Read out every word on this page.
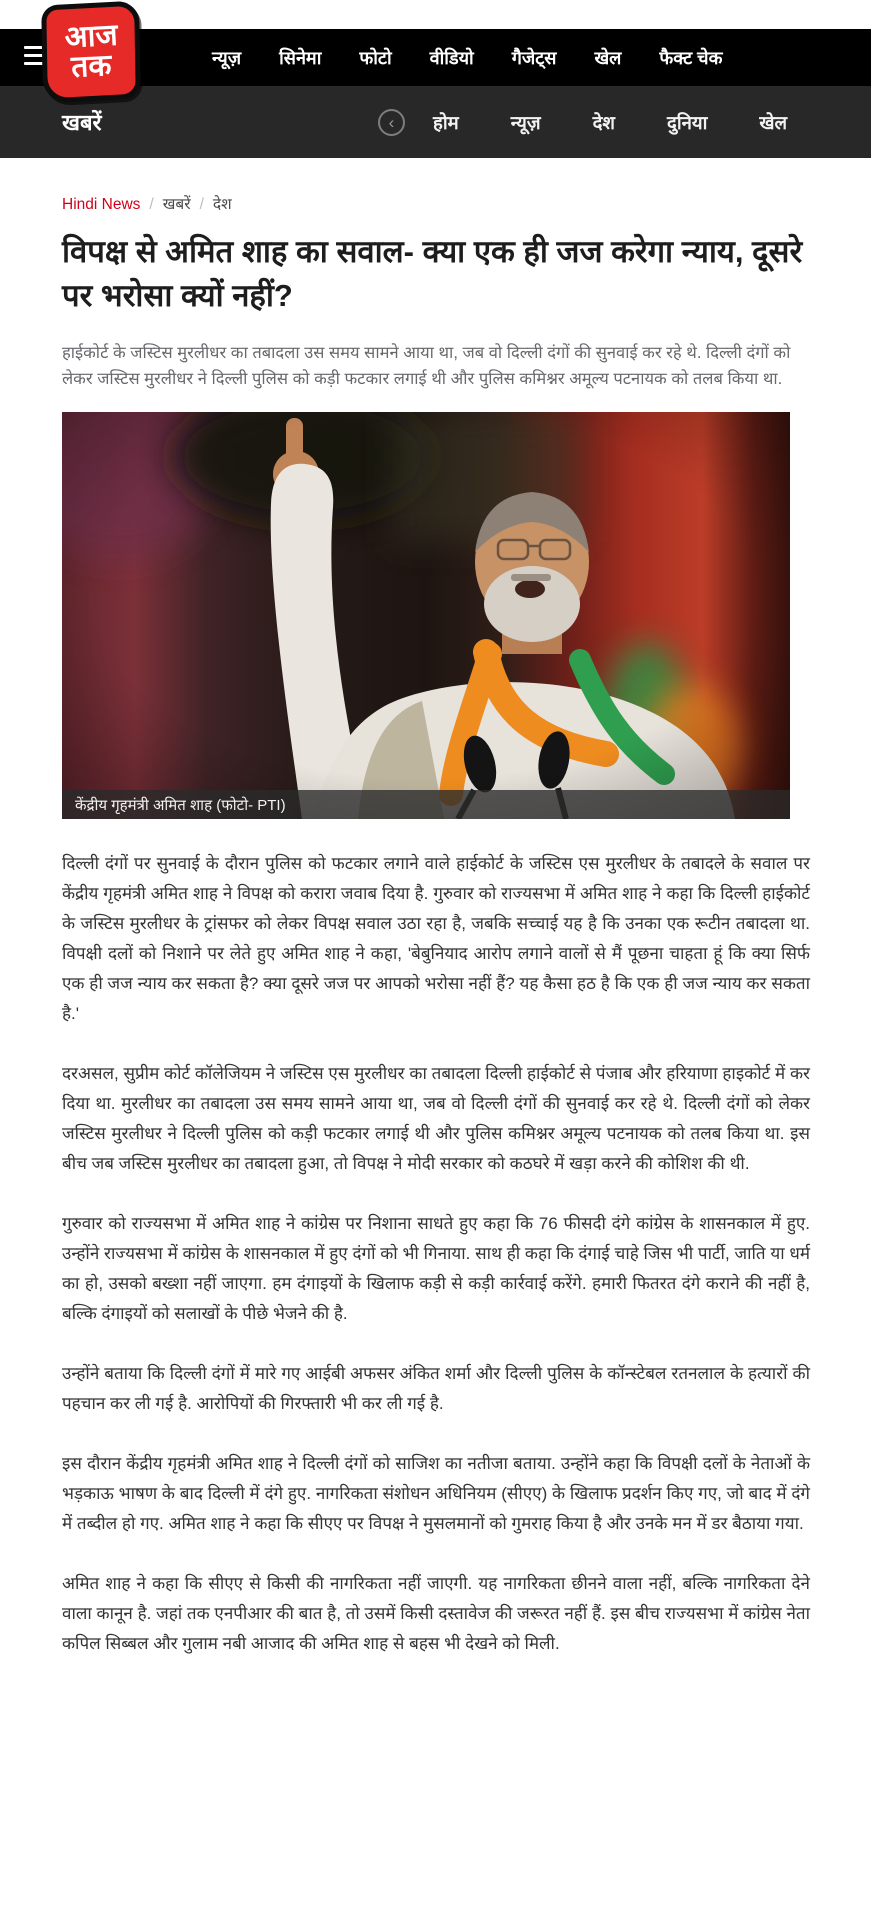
आज
तक	न्यूज़ सिनेमा फोटो वीडियो गैजेट्स खेल फैक्ट चेक
खबरें	‹	होम	न्यूज़	देश	दुनिया	खेल
Hindi News / खबरें / देश
विपक्ष से अमित शाह का सवाल- क्या एक ही जज करेगा न्याय, दूसरे पर भरोसा क्यों नहीं?
हाईकोर्ट के जस्टिस मुरलीधर का तबादला उस समय सामने आया था, जब वो दिल्ली दंगों की सुनवाई कर रहे थे. दिल्ली दंगों को लेकर जस्टिस मुरलीधर ने दिल्ली पुलिस को कड़ी फटकार लगाई थी और पुलिस कमिश्नर अमूल्य पटनायक को तलब किया था.
केंद्रीय गृहमंत्री अमित शाह (फोटो- PTI)

दिल्ली दंगों पर सुनवाई के दौरान पुलिस को फटकार लगाने वाले हाईकोर्ट के जस्टिस एस मुरलीधर के तबादले के सवाल पर केंद्रीय गृहमंत्री अमित शाह ने विपक्ष को करारा जवाब दिया है. गुरुवार को राज्यसभा में अमित शाह ने कहा कि दिल्ली हाईकोर्ट के जस्टिस मुरलीधर के ट्रांसफर को लेकर विपक्ष सवाल उठा रहा है, जबकि सच्चाई यह है कि उनका एक रूटीन तबादला था. विपक्षी दलों को निशाने पर लेते हुए अमित शाह ने कहा, 'बेबुनियाद आरोप लगाने वालों से मैं पूछना चाहता हूं कि क्या सिर्फ एक ही जज न्याय कर सकता है? क्या दूसरे जज पर आपको भरोसा नहीं हैं? यह कैसा हठ है कि एक ही जज न्याय कर सकता है.'

दरअसल, सुप्रीम कोर्ट कॉलेजियम ने जस्टिस एस मुरलीधर का तबादला दिल्ली हाईकोर्ट से पंजाब और हरियाणा हाइकोर्ट में कर दिया था. मुरलीधर का तबादला उस समय सामने आया था, जब वो दिल्ली दंगों की सुनवाई कर रहे थे. दिल्ली दंगों को लेकर जस्टिस मुरलीधर ने दिल्ली पुलिस को कड़ी फटकार लगाई थी और पुलिस कमिश्नर अमूल्य पटनायक को तलब किया था. इस बीच जब जस्टिस मुरलीधर का तबादला हुआ, तो विपक्ष ने मोदी सरकार को कठघरे में खड़ा करने की कोशिश की थी.

गुरुवार को राज्यसभा में अमित शाह ने कांग्रेस पर निशाना साधते हुए कहा कि 76 फीसदी दंगे कांग्रेस के शासनकाल में हुए. उन्होंने राज्यसभा में कांग्रेस के शासनकाल में हुए दंगों को भी गिनाया. साथ ही कहा कि दंगाई चाहे जिस भी पार्टी, जाति या धर्म का हो, उसको बख्शा नहीं जाएगा. हम दंगाइयों के खिलाफ कड़ी से कड़ी कार्रवाई करेंगे. हमारी फितरत दंगे कराने की नहीं है, बल्कि दंगाइयों को सलाखों के पीछे भेजने की है.

उन्होंने बताया कि दिल्ली दंगों में मारे गए आईबी अफसर अंकित शर्मा और दिल्ली पुलिस के कॉन्स्टेबल रतनलाल के हत्यारों की पहचान कर ली गई है. आरोपियों की गिरफ्तारी भी कर ली गई है.

इस दौरान केंद्रीय गृहमंत्री अमित शाह ने दिल्ली दंगों को साजिश का नतीजा बताया. उन्होंने कहा कि विपक्षी दलों के नेताओं के भड़काऊ भाषण के बाद दिल्ली में दंगे हुए. नागरिकता संशोधन अधिनियम (सीएए) के खिलाफ प्रदर्शन किए गए, जो बाद में दंगे में तब्दील हो गए. अमित शाह ने कहा कि सीएए पर विपक्ष ने मुसलमानों को गुमराह किया है और उनके मन में डर बैठाया गया.

अमित शाह ने कहा कि सीएए से किसी की नागरिकता नहीं जाएगी. यह नागरिकता छीनने वाला नहीं, बल्कि नागरिकता देने वाला कानून है. जहां तक एनपीआर की बात है, तो उसमें किसी दस्तावेज की जरूरत नहीं हैं. इस बीच राज्यसभा में कांग्रेस नेता कपिल सिब्बल और गुलाम नबी आजाद की अमित शाह से बहस भी देखने को मिली.
